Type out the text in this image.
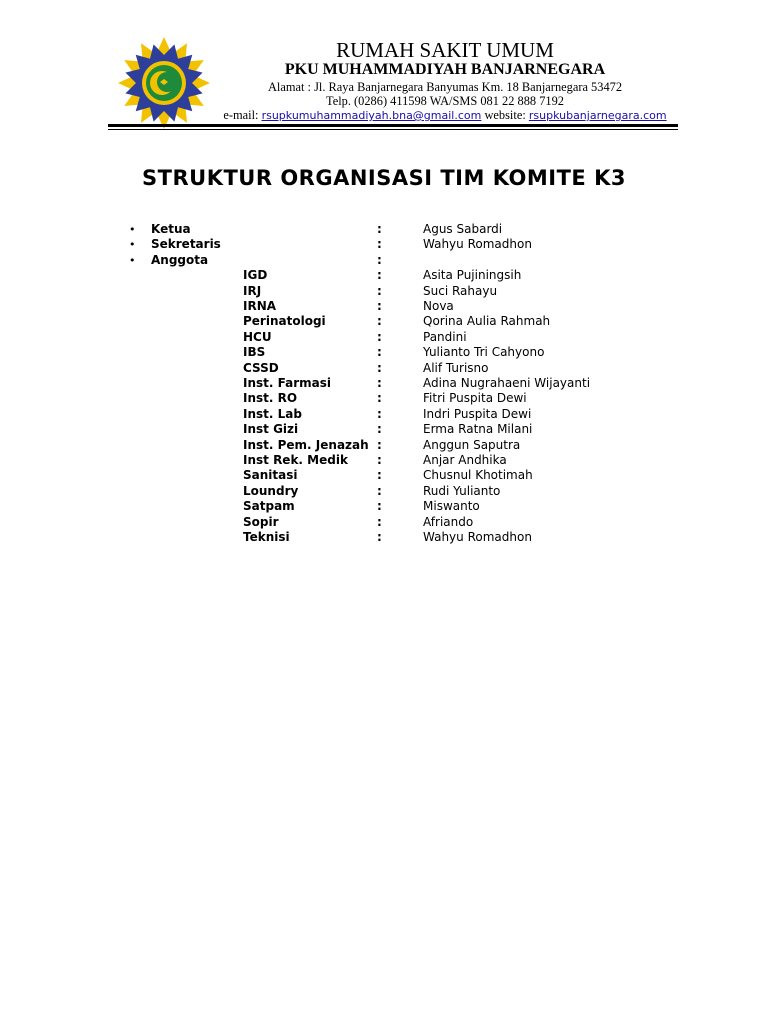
RUMAH SAKIT UMUM
PKU MUHAMMADIYAH BANJARNEGARA
Alamat : Jl. Raya Banjarnegara Banyumas Km. 18 Banjarnegara 53472
Telp. (0286) 411598 WA/SMS 081 22 888 7192
e-mail: rsupkumuhammadiyah.bna@gmail.com website: rsupkubanjarnegara.com
STRUKTUR ORGANISASI TIM KOMITE K3
• Ketua	:	Agus Sabardi
• Sekretaris	:	Wahyu Romadhon
• Anggota	:
IGD	:	Asita Pujiningsih
IRJ	:	Suci Rahayu
IRNA	:	Nova
Perinatologi	:	Qorina Aulia Rahmah
HCU	:	Pandini
IBS	:	Yulianto Tri Cahyono
CSSD	:	Alif Turisno
Inst. Farmasi	:	Adina Nugrahaeni Wijayanti
Inst. RO	:	Fitri Puspita Dewi
Inst. Lab	:	Indri Puspita Dewi
Inst Gizi	:	Erma Ratna Milani
Inst. Pem. Jenazah :	Anggun Saputra
Inst Rek. Medik :	Anjar Andhika
Sanitasi	:	Chusnul Khotimah
Loundry	:	Rudi Yulianto
Satpam	:	Miswanto
Sopir	:	Afriando
Teknisi	:	Wahyu Romadhon
